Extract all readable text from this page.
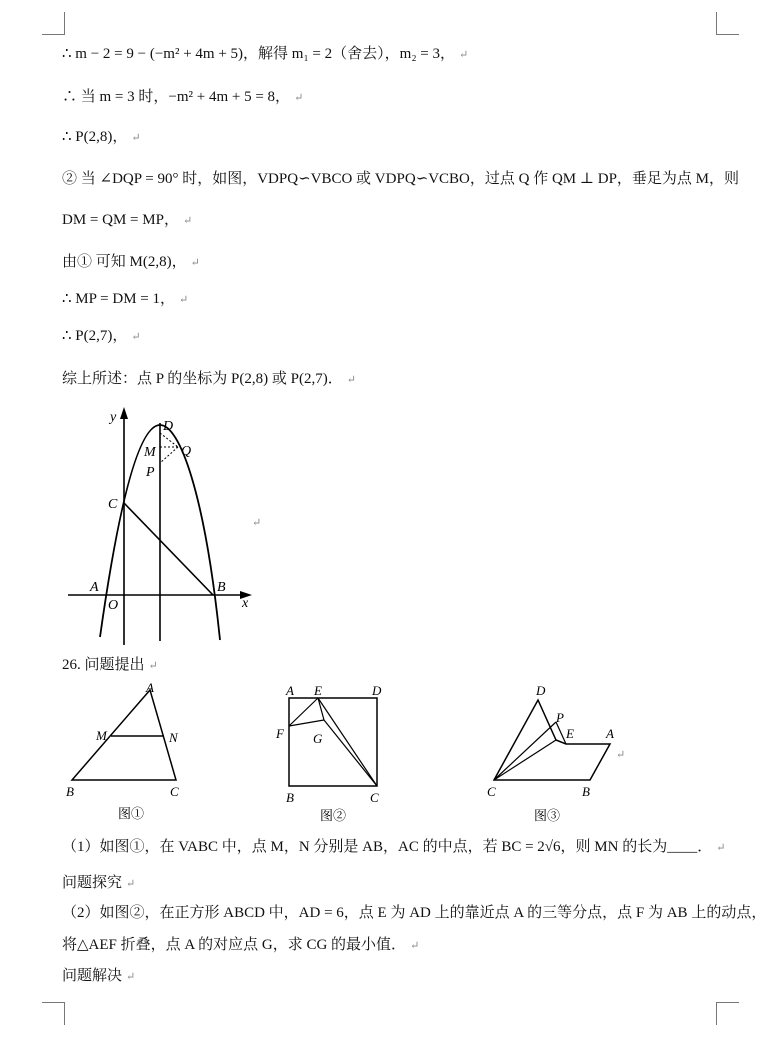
∴ m − 2 = 9 − (−m² + 4m + 5)，解得 m₁ = 2（舍去），m₂ = 3， ↵
∴ 当 m = 3 时，−m² + 4m + 5 = 8， ↵
∴ P(2,8)， ↵
② 当 ∠DQP = 90° 时，如图，VDPQ∽VBCO 或 VDPQ∽VCBO，过点 Q 作 QM ⊥ DP，垂足为点 M，则
DM = QM = MP， ↵
由① 可知 M(2,8)， ↵
∴ MP = DM = 1， ↵
∴ P(2,7)， ↵
综上所述：点 P 的坐标为 P(2,8) 或 P(2,7)． ↵
y
D
M Q
P
C
A
O
B
x
↵
26. 问题提出 ↵
A
M	N
B	C
图①
A E	D
F G
B	C
图②
D
P
E A
C	B
图③
↵
（1）如图①，在 VABC 中，点 M，N 分别是 AB，AC 的中点，若 BC = 2√6，则 MN 的长为____． ↵
问题探究 ↵
（2）如图②，在正方形 ABCD 中，AD = 6，点 E 为 AD 上的靠近点 A 的三等分点，点 F 为 AB 上的动点，
将△AEF 折叠，点 A 的对应点 G，求 CG 的最小值． ↵
问题解决 ↵
